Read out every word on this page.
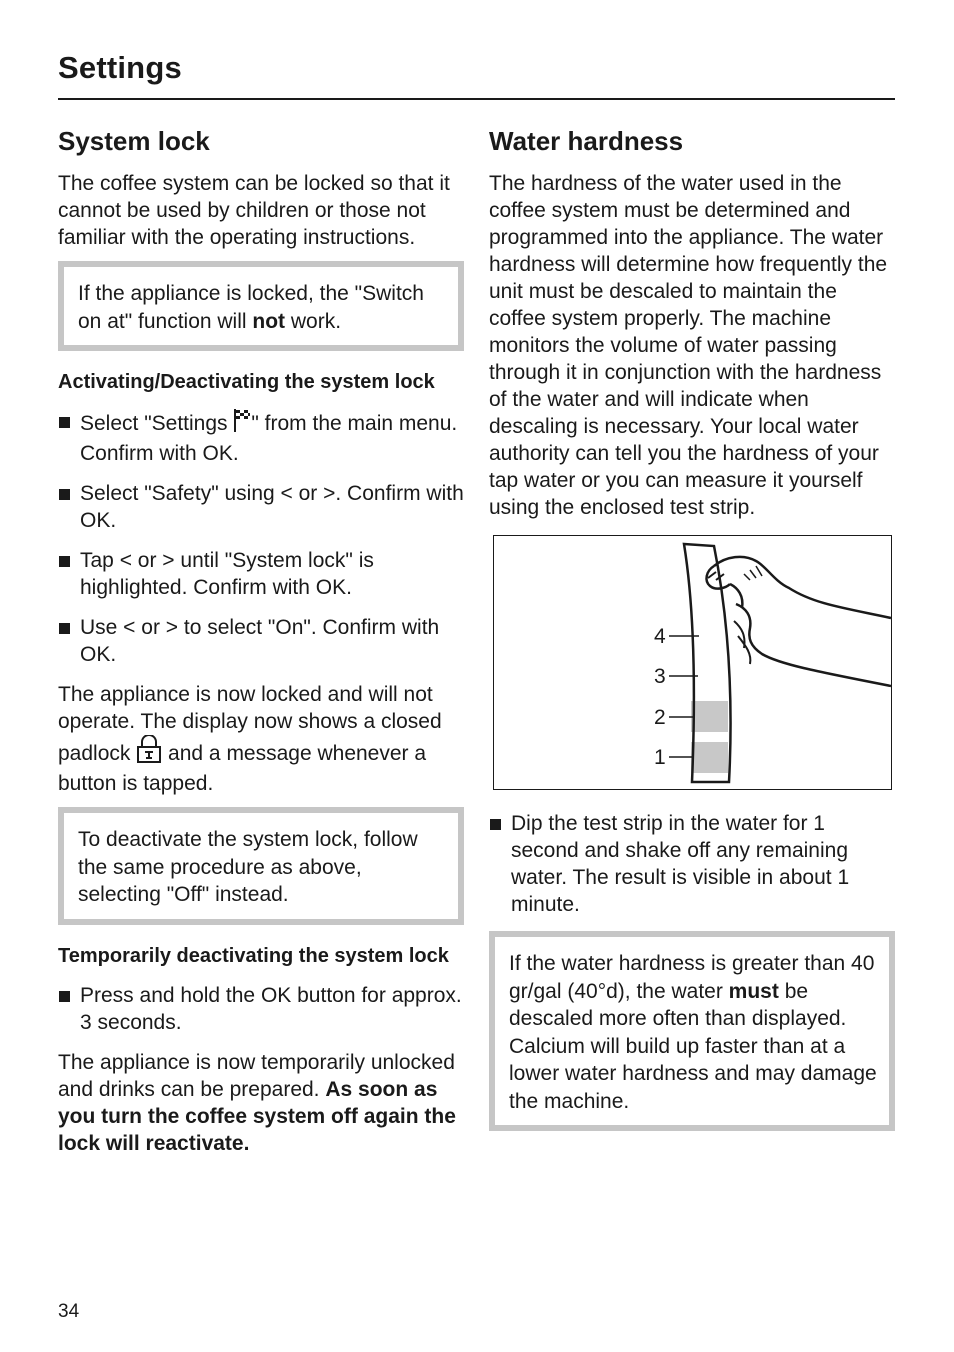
Settings
System lock

The coffee system can be locked so that it cannot be used by children or those not familiar with the operating instructions.

If the appliance is locked, the "Switch on at" function will not work.

Activating/Deactivating the system lock
Select "Settings " from the main menu. Confirm with OK.
Select "Safety" using < or >. Confirm with OK.
Tap < or > until "System lock" is highlighted. Confirm with OK.
Use < or > to select "On". Confirm with OK.

The appliance is now locked and will not operate. The display now shows a closed padlock  and a message whenever a button is tapped.

To deactivate the system lock, follow the same procedure as above, selecting "Off" instead.

Temporarily deactivating the system lock
Press and hold the OK button for approx. 3 seconds.

The appliance is now temporarily unlocked and drinks can be prepared. As soon as you turn the coffee system off again the lock will reactivate.

Water hardness

The hardness of the water used in the coffee system must be determined and programmed into the appliance. The water hardness will determine how frequently the unit must be descaled to maintain the coffee system properly. The machine monitors the volume of water passing through it in conjunction with the hardness of the water and will indicate when descaling is necessary. Your local water authority can tell you the hardness of your tap water or you can measure it yourself using the enclosed test strip.

4
3
2
1
Dip the test strip in the water for 1 second and shake off any remaining water. The result is visible in about 1 minute.

If the water hardness is greater than 40 gr/gal (40°d), the water must be descaled more often than displayed. Calcium will build up faster than at a lower water hardness and may damage the machine.

34
